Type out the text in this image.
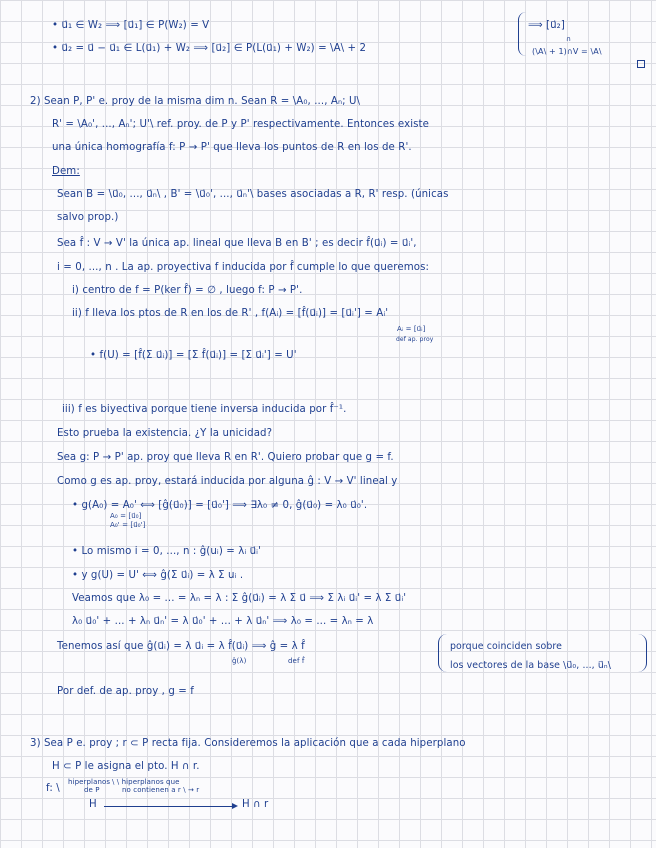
• u⃗₁ ∈ W₂ ⟹ [u⃗₁] ∈ P(W₂) = V
• u⃗₂ = u⃗ − u⃗₁ ∈ L(u⃗₁) + W₂ ⟹ [u⃗₂] ∈ P(L(u⃗₁) + W₂) = \A\ + 2
⟹ [u⃗₂]
∩
(\A\ + 1)∩V = \A\
2) Sean P, P' e. proy de la misma dim n. Sean R = \A₀, ..., Aₙ; U\
R' = \A₀', ..., Aₙ'; U'\ ref. proy. de P y P' respectivamente. Entonces existe
una única homografía f: P → P' que lleva los puntos de R en los de R'.
Dem:
Sean B = \u⃗₀, ..., u⃗ₙ\ , B' = \u⃗₀', ..., u⃗ₙ'\ bases asociadas a R, R' resp. (únicas
salvo prop.)
Sea f̂ : V → V' la única ap. lineal que lleva B en B' ; es decir f̂(u⃗ᵢ) = u⃗ᵢ',
i = 0, ..., n . La ap. proyectiva f inducida por f̂ cumple lo que queremos:
i) centro de f = P(ker f̂) = ∅ , luego f: P → P'.
ii) f lleva los ptos de R en los de R' , f(Aᵢ) = [f̂(u⃗ᵢ)] = [u⃗ᵢ'] = Aᵢ'
Aᵢ = [u⃗ᵢ]
def ap. proy
• f(U) = [f̂(Σ u⃗ᵢ)] = [Σ f̂(u⃗ᵢ)] = [Σ u⃗ᵢ'] = U'
iii) f es biyectiva porque tiene inversa inducida por f̂⁻¹.
Esto prueba la existencia. ¿Y la unicidad?
Sea g: P → P' ap. proy que lleva R en R'. Quiero probar que g = f.
Como g es ap. proy, estará inducida por alguna ĝ : V → V' lineal y
• g(A₀) = A₀' ⟺ [ĝ(u⃗₀)] = [u⃗₀'] ⟹ ∃λ₀ ≠ 0, ĝ(u⃗₀) = λ₀ u⃗₀'.
A₀ = [u⃗₀]
A₀' = [u⃗₀']
• Lo mismo i = 0, ..., n : ĝ(uᵢ) = λᵢ u⃗ᵢ'
• y g(U) = U' ⟺ ĝ(Σ u⃗ᵢ) = λ Σ uᵢ .
Veamos que λ₀ = ... = λₙ = λ : Σ ĝ(u⃗ᵢ) = λ Σ u⃗ ⟹ Σ λᵢ u⃗ᵢ' = λ Σ u⃗ᵢ'
λ₀ u⃗₀' + ... + λₙ u⃗ₙ' = λ u⃗₀' + ... + λ u⃗ₙ' ⟹ λ₀ = ... = λₙ = λ
Tenemos así que ĝ(u⃗ᵢ) = λ u⃗ᵢ = λ f̂(u⃗ᵢ) ⟹ ĝ = λ f̂
ĝ(λ)	def f̂
porque coinciden sobre
los vectores de la base \u⃗₀, ..., u⃗ₙ\
Por def. de ap. proy , g = f
3) Sea P e. proy ; r ⊂ P recta fija. Consideremos la aplicación que a cada hiperplano
H ⊂ P le asigna el pto. H ∩ r.
f: \
hiperplanos
de P
\ \ hiperplanos que
no contienen a r \ → r
H	H ∩ r
